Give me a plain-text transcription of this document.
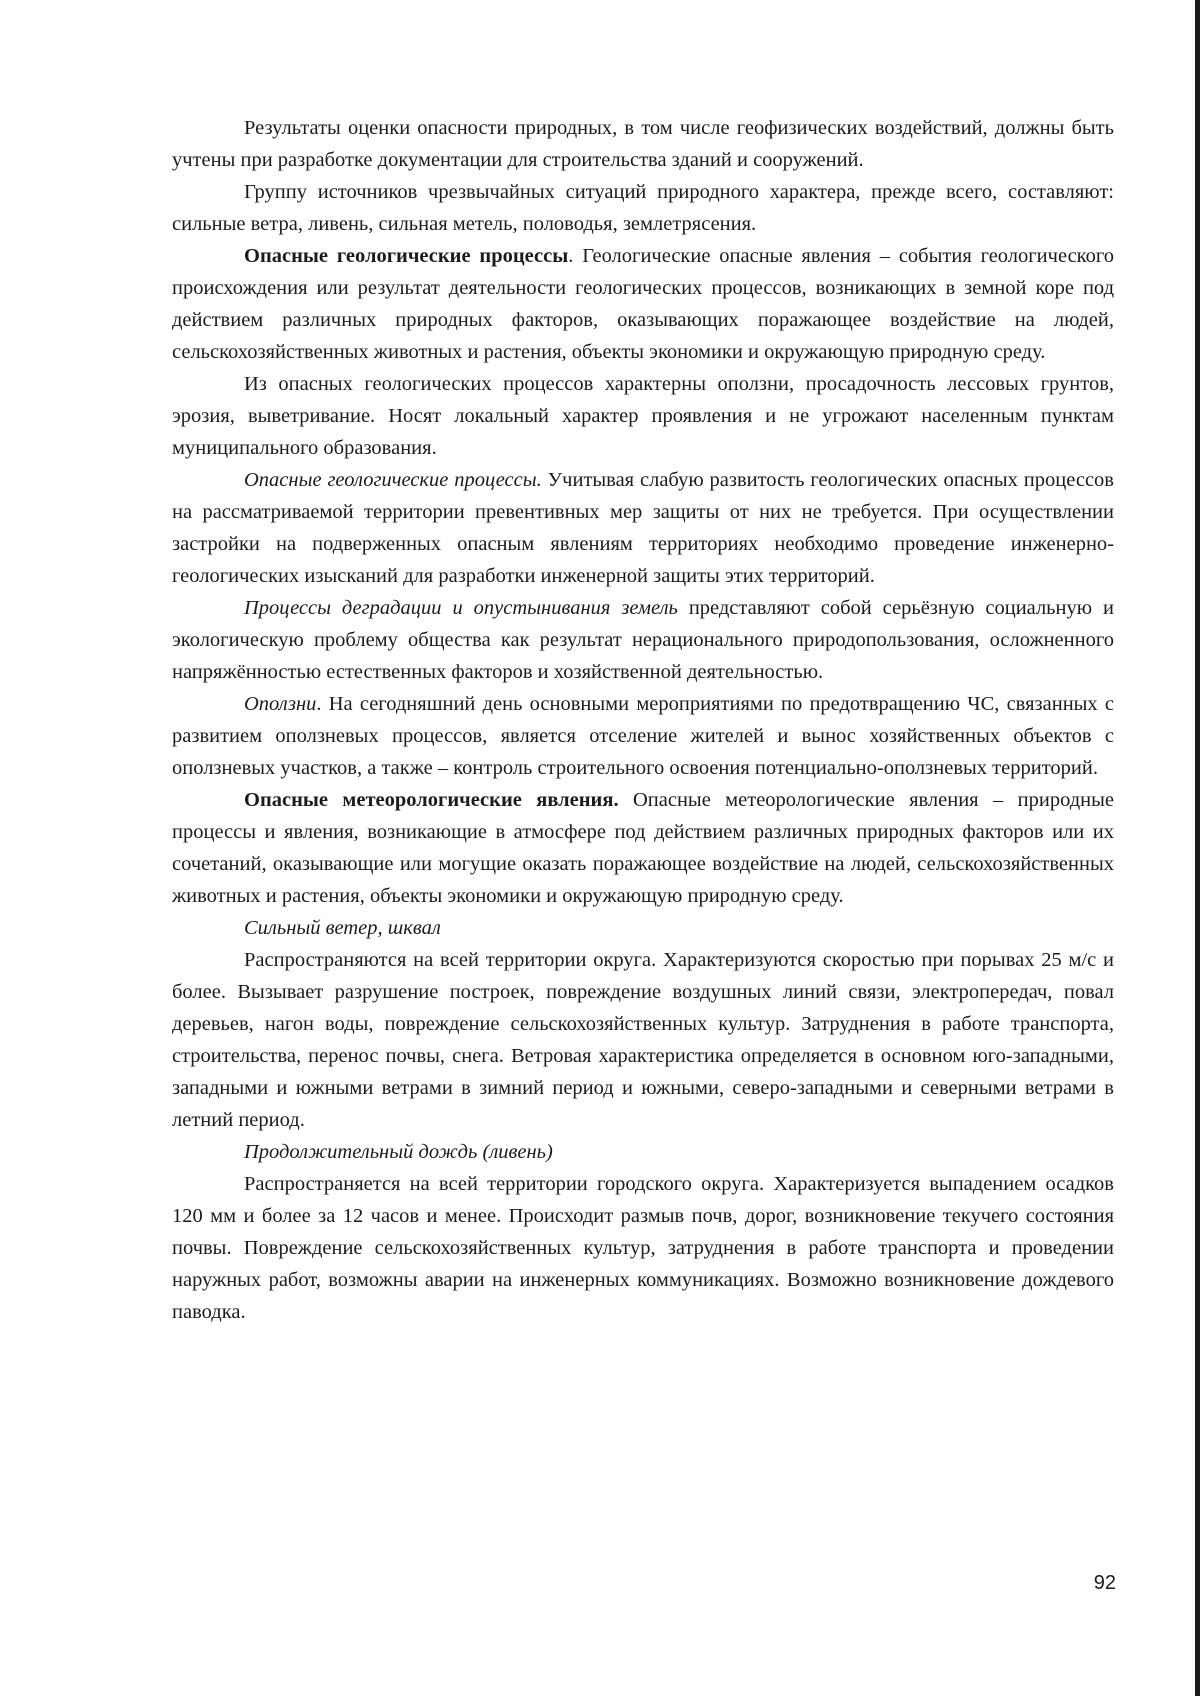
Результаты оценки опасности природных, в том числе геофизических воздействий, должны быть учтены при разработке документации для строительства зданий и сооружений.

Группу источников чрезвычайных ситуаций природного характера, прежде всего, составляют: сильные ветра, ливень, сильная метель, половодья, землетрясения.

Опасные геологические процессы. Геологические опасные явления – события геологического происхождения или результат деятельности геологических процессов, возникающих в земной коре под действием различных природных факторов, оказывающих поражающее воздействие на людей, сельскохозяйственных животных и растения, объекты экономики и окружающую природную среду.

Из опасных геологических процессов характерны оползни, просадочность лессовых грунтов, эрозия, выветривание. Носят локальный характер проявления и не угрожают населенным пунктам муниципального образования.

Опасные геологические процессы. Учитывая слабую развитость геологических опасных процессов на рассматриваемой территории превентивных мер защиты от них не требуется. При осуществлении застройки на подверженных опасным явлениям территориях необходимо проведение инженерно-геологических изысканий для разработки инженерной защиты этих территорий.

Процессы деградации и опустынивания земель представляют собой серьёзную социальную и экологическую проблему общества как результат нерационального природопользования, осложненного напряжённостью естественных факторов и хозяйственной деятельностью.

Оползни. На сегодняшний день основными мероприятиями по предотвращению ЧС, связанных с развитием оползневых процессов, является отселение жителей и вынос хозяйственных объектов с оползневых участков, а также – контроль строительного освоения потенциально-оползневых территорий.

Опасные метеорологические явления. Опасные метеорологические явления – природные процессы и явления, возникающие в атмосфере под действием различных природных факторов или их сочетаний, оказывающие или могущие оказать поражающее воздействие на людей, сельскохозяйственных животных и растения, объекты экономики и окружающую природную среду.

Сильный ветер, шквал

Распространяются на всей территории округа. Характеризуются скоростью при порывах 25 м/с и более. Вызывает разрушение построек, повреждение воздушных линий связи, электропередач, повал деревьев, нагон воды, повреждение сельскохозяйственных культур. Затруднения в работе транспорта, строительства, перенос почвы, снега. Ветровая характеристика определяется в основном юго-западными, западными и южными ветрами в зимний период и южными, северо-западными и северными ветрами в летний период.

Продолжительный дождь (ливень)

Распространяется на всей территории городского округа. Характеризуется выпадением осадков 120 мм и более за 12 часов и менее. Происходит размыв почв, дорог, возникновение текучего состояния почвы. Повреждение сельскохозяйственных культур, затруднения в работе транспорта и проведении наружных работ, возможны аварии на инженерных коммуникациях. Возможно возникновение дождевого паводка.

92
